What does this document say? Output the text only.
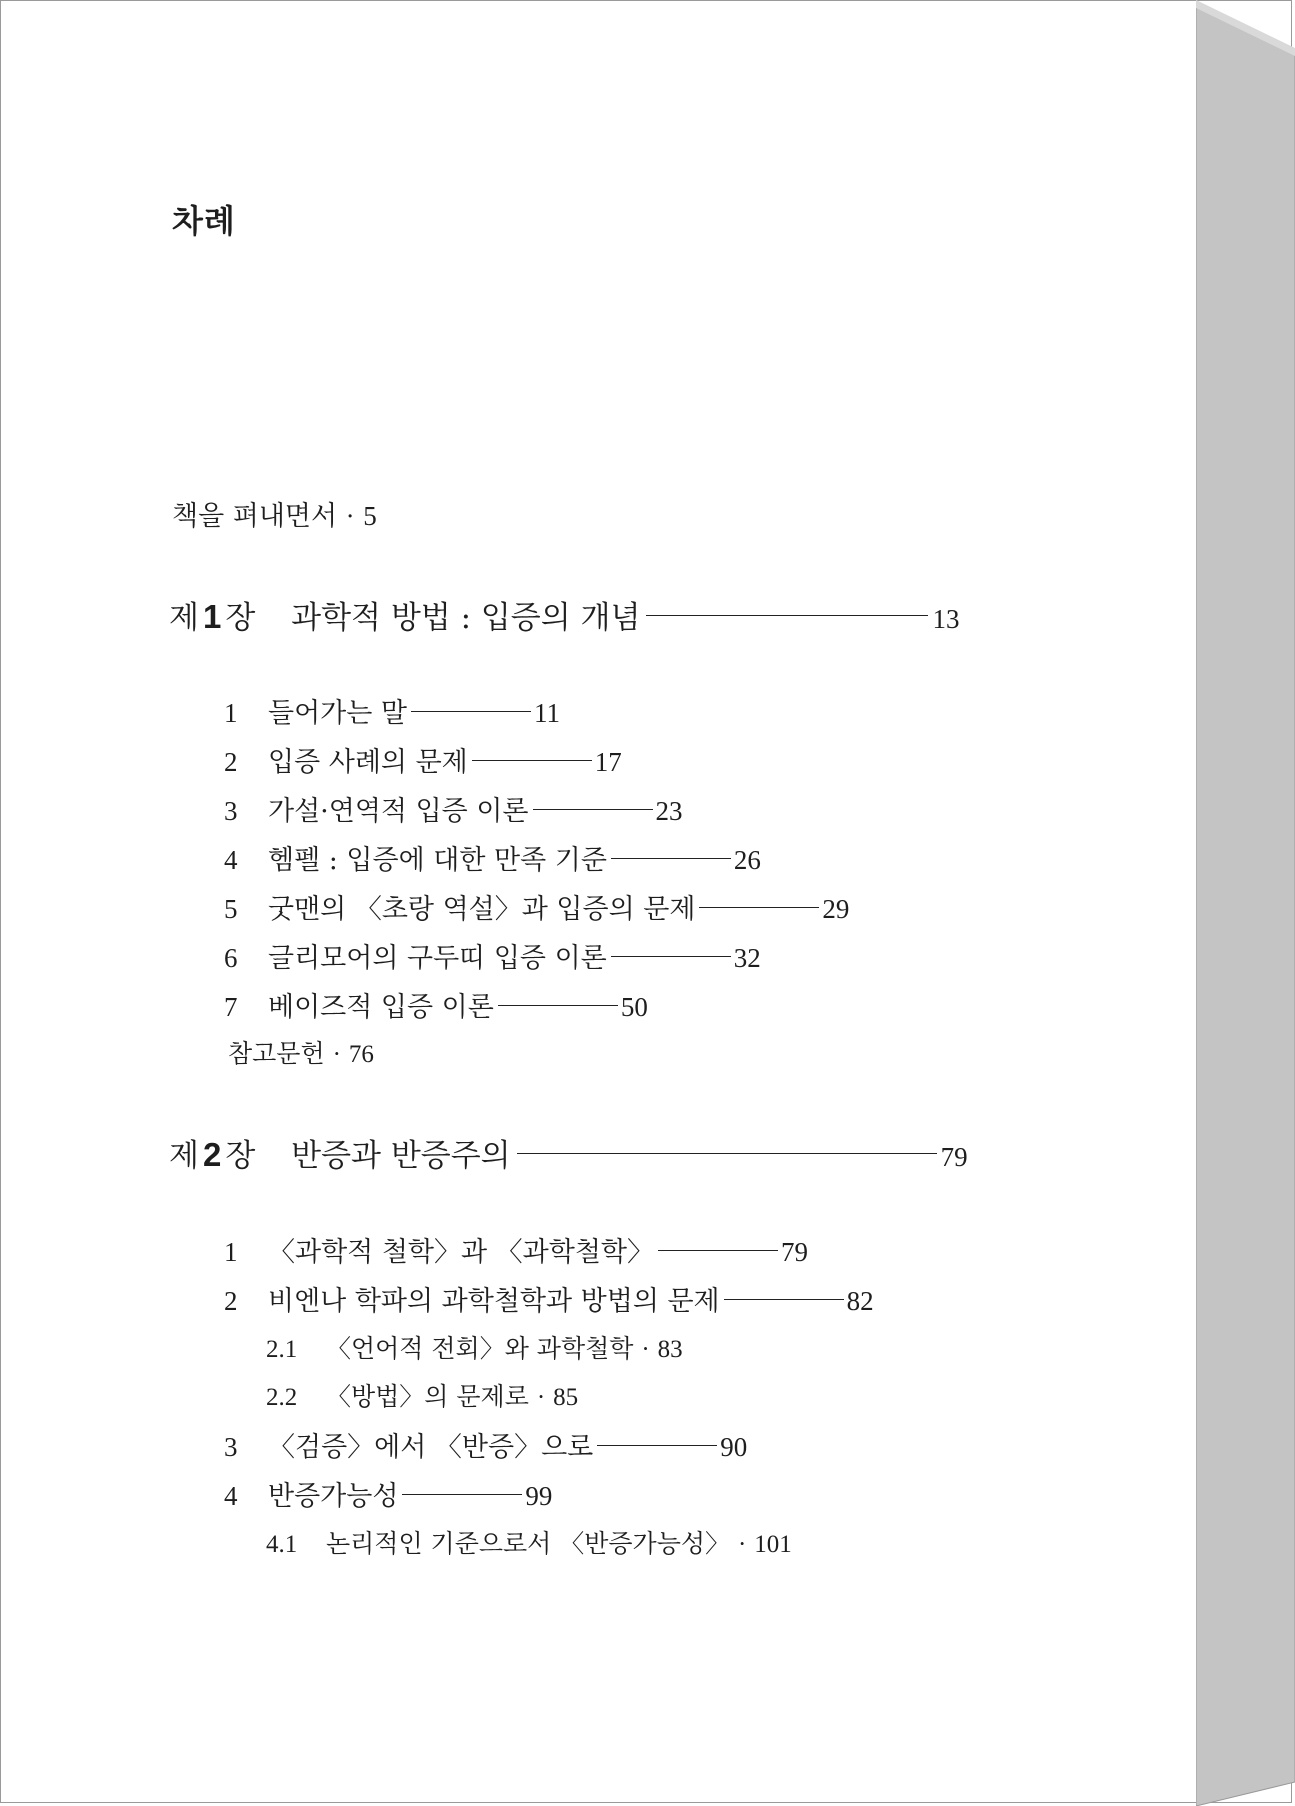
차례
책을 펴내면서 · 5
제 1 장 과학적 방법 : 입증의 개념	13
1 들어가는 말	11
2 입증 사례의 문제	17
3 가설·연역적 입증 이론	23
4 헴펠 : 입증에 대한 만족 기준	26
5 굿맨의 〈초랑 역설〉과 입증의 문제	29
6 글리모어의 구두띠 입증 이론	32
7 베이즈적 입증 이론	50
참고문헌 · 76
제 2 장 반증과 반증주의	79
1 〈과학적 철학〉과 〈과학철학〉	79
2 비엔나 학파의 과학철학과 방법의 문제	82
2.1 〈언어적 전회〉와 과학철학 · 83
2.2 〈방법〉의 문제로 · 85
3 〈검증〉에서 〈반증〉으로	90
4 반증가능성	99
4.1 논리적인 기준으로서 〈반증가능성〉 · 101
